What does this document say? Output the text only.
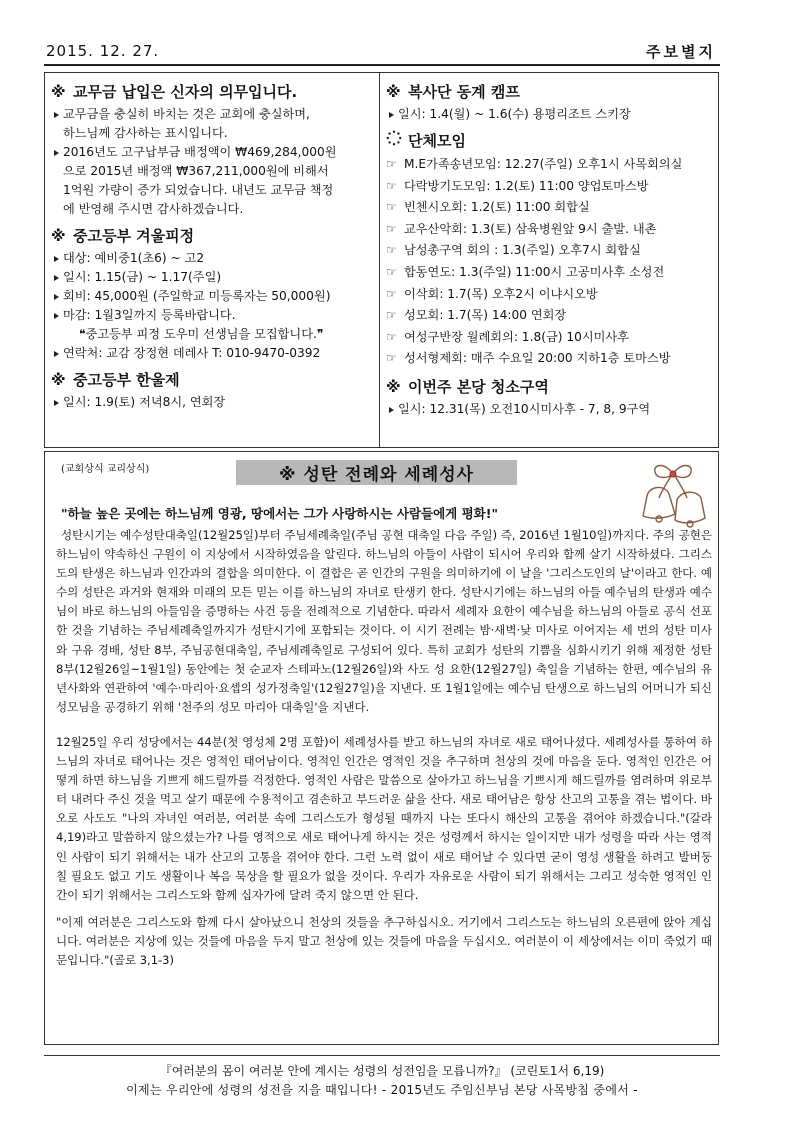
2015. 12. 27.	주보별지
※ 교무금 납입은 신자의 의무입니다.
교무금을 충실히 바치는 것은 교회에 충실하며,
하느님께 감사하는 표시입니다.
2016년도 고구납부금 배정액이 ₩469,284,000원
으로 2015년 배정액 ₩367,211,000원에 비해서
1억원 가량이 증가 되었습니다. 내년도 교무금 책정
에 반영해 주시면 감사하겠습니다.
※ 중고등부 겨울피정
대상: 예비중1(초6) ~ 고2
일시: 1.15(금) ~ 1.17(주일)
회비: 45,000원 (주일학교 미등록자는 50,000원)
마감: 1월3일까지 등록바랍니다.
❝중고등부 피정 도우미 선생님을 모집합니다.❞
연락처: 교감 장정현 데레사 T: 010-9470-0392
※ 중고등부 한울제
일시: 1.9(토) 저녁8시, 연회장
※ 복사단 동계 캠프
일시: 1.4(월) ~ 1.6(수) 용평리조트 스키장
단체모임
☞ M.E가족송년모임: 12.27(주일) 오후1시 사목회의실
☞ 다락방기도모임: 1.2(토) 11:00 양업토마스방
☞ 빈첸시오회: 1.2(토) 11:00 회합실
☞ 교우산악회: 1.3(토) 삼육병원앞 9시 출발. 내촌
☞ 남성총구역 회의 : 1.3(주일) 오후7시 회합실
☞ 합동연도: 1.3(주일) 11:00시 고공미사후 소성전
☞ 이삭회: 1.7(목) 오후2시 이냐시오방
☞ 성모회: 1.7(목) 14:00 연회장
☞ 여성구반장 월례회의: 1.8(금) 10시미사후
☞ 성서형제회: 매주 수요일 20:00 지하1층 토마스방
※ 이번주 본당 청소구역
일시: 12.31(목) 오전10시미사후 - 7, 8, 9구역
(교회상식 교리상식)	※ 성탄 전례와 세례성사
"하늘 높은 곳에는 하느님께 영광, 땅에서는 그가 사랑하시는 사람들에게 평화!"

성탄시기는 예수성탄대축일(12월25일)부터 주님세례축일(주님 공현 대축일 다음 주일) 즉, 2016년 1월10일)까지다. 주의 공현은 하느님이 약속하신 구원이 이 지상에서 시작하였음을 알린다. 하느님의 아들이 사람이 되시어 우리와 함께 살기 시작하셨다. 그리스도의 탄생은 하느님과 인간과의 결합을 의미한다. 이 결합은 곧 인간의 구원을 의미하기에 이 날을 '그리스도인의 날'이라고 한다. 예수의 성탄은 과거와 현재와 미래의 모든 믿는 이를 하느님의 자녀로 탄생키 한다. 성탄시기에는 하느님의 아들 예수님의 탄생과 예수님이 바로 하느님의 아들임을 증명하는 사건 등을 전례적으로 기념한다. 따라서 세례자 요한이 예수님을 하느님의 아들로 공식 선포한 것을 기념하는 주님세례축일까지가 성탄시기에 포함되는 것이다. 이 시기 전례는 밤·새벽·낮 미사로 이어지는 세 번의 성탄 미사와 구유 경배, 성탄 8부, 주님공현대축일, 주님세례축일로 구성되어 있다. 특히 교회가 성탄의 기쁨을 심화시키기 위해 제정한 성탄 8부(12월26일~1월1일) 동안에는 첫 순교자 스테파노(12월26일)와 사도 성 요한(12월27일) 축일을 기념하는 한편, 예수님의 유년사화와 연관하여 '예수·마리아·요셉의 성가정축일'(12월27일)을 지낸다. 또 1월1일에는 예수님 탄생으로 하느님의 어머니가 되신 성모님을 공경하기 위해 '천주의 성모 마리아 대축일'을 지낸다.

12월25일 우리 성당에서는 44분(첫 영성체 2명 포함)이 세례성사를 받고 하느님의 자녀로 새로 태어나셨다. 세례성사를 통하여 하느님의 자녀로 태어나는 것은 영적인 태어남이다. 영적인 인간은 영적인 것을 추구하며 천상의 것에 마음을 둔다. 영적인 인간은 어떻게 하면 하느님을 기쁘게 해드릴까를 걱정한다. 영적인 사람은 말씀으로 살아가고 하느님을 기쁘시게 해드릴까를 염려하며 위로부터 내려다 주신 것을 먹고 살기 때문에 수용적이고 겸손하고 부드러운 삶을 산다. 새로 태어남은 항상 산고의 고통을 겪는 법이다. 바오로 사도도 "나의 자녀인 여러분, 여러분 속에 그리스도가 형성될 때까지 나는 또다시 해산의 고통을 겪어야 하겠습니다."(갈라 4,19)라고 말씀하지 않으셨는가? 나를 영적으로 새로 태어나게 하시는 것은 성령께서 하시는 일이지만 내가 성령을 따라 사는 영적인 사람이 되기 위해서는 내가 산고의 고통을 겪어야 한다. 그런 노력 없이 새로 태어날 수 있다면 굳이 영성 생활을 하려고 발버둥 칠 필요도 없고 기도 생활이나 복음 묵상을 할 필요가 없을 것이다. 우리가 자유로운 사람이 되기 위해서는 그리고 성숙한 영적인 인간이 되기 위해서는 그리스도와 함께 십자가에 달려 죽지 않으면 안 된다.

"이제 여러분은 그리스도와 함께 다시 살아났으니 천상의 것들을 추구하십시오. 거기에서 그리스도는 하느님의 오른편에 앉아 계십니다. 여러분은 지상에 있는 것들에 마음을 두지 말고 천상에 있는 것들에 마음을 두십시오. 여러분이 이 세상에서는 이미 죽었기 때문입니다."(골로 3,1-3)

『여러분의 몸이 여러분 안에 계시는 성령의 성전임을 모릅니까?』 (코린토1서 6,19)
이제는 우리안에 성령의 성전을 지을 때입니다! - 2015년도 주임신부님 본당 사목방침 중에서 -
